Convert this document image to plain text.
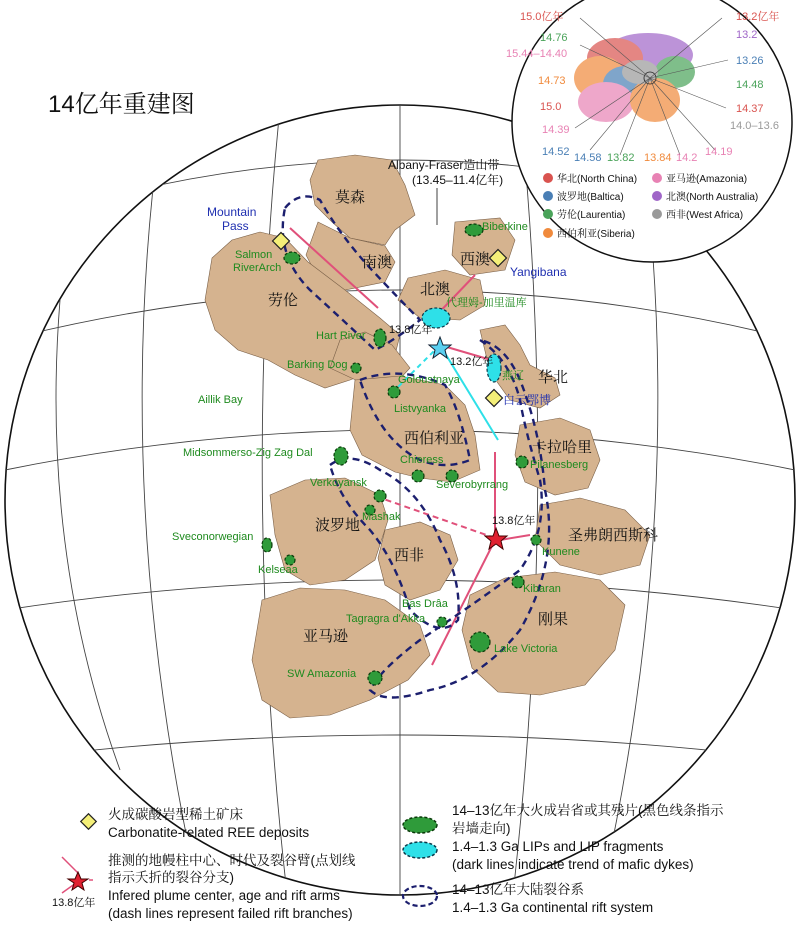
14亿年重建图
莫森
南澳	西澳
北澳
劳伦
华北
西伯利亚
卡拉哈里
波罗地
西非
圣弗朗西斯科
亚马逊
刚果
Albany-Fraser造山带
(13.45–11.4亿年)
Mountain
Pass	Biberkine
Yangibana
Salmon
RiverArch
代理姆-加里温库
Hart River 13.8亿年
13.2亿年
Barking Dog
Goloustnaya	燕辽
白云鄂博
Aillik Bay
Listvyanka
Midsommerso-Zig Zag Dal
Chieress
Severobyrrang
Pilanesberg
Verkoyansk
Mashak	13.8亿年
Kunene
Sveconorwegian
Kelseaa
Kibaran
Bas Drâa
Tagragra d'Akka
Lake Victoria
SW Amazonia
15.0亿年
14.76
15.44–14.40
14.73
15.0
14.39
14.52
13.2亿年
13.2
13.26
14.48
14.37
14.0–13.6
14.19
14.58 13.82 13.84 14.2
华北(North China)	亚马逊(Amazonia)
波罗地(Baltica)	北澳(North Australia)
劳伦(Laurentia)	西非(West Africa)
西伯利亚(Siberia)
火成碳酸岩型稀土矿床
Carbonatite-related REE deposits
13.8亿年
推测的地幔柱中心、时代及裂谷臂(点划线
指示夭折的裂谷分支)
Infered plume center, age and rift arms
(dash lines represent failed rift branches)
14–13亿年大火成岩省或其残片(黑色线条指示
岩墙走向)
1.4–1.3 Ga LIPs and LIP fragments
(dark lines indicate trend of mafic dykes)
14–13亿年大陆裂谷系
1.4–1.3 Ga continental rift system
